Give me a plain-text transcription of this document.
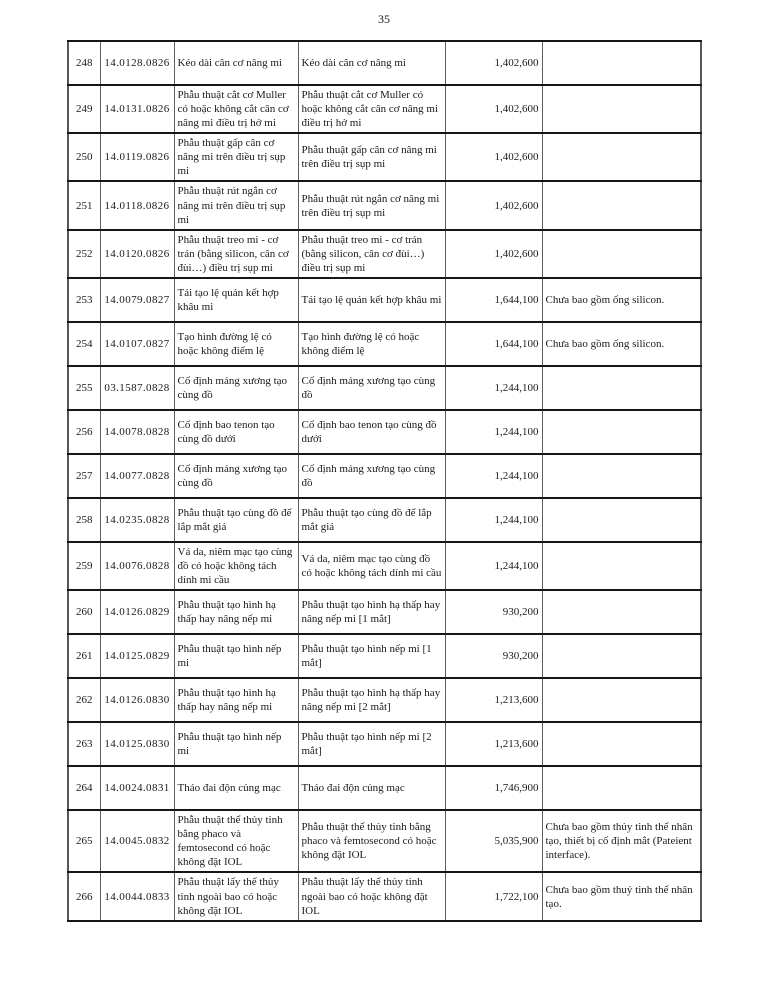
35
248	14.0128.0826	Kéo dài cân cơ nâng mi	Kéo dài cân cơ nâng mi	1,402,600	
249	14.0131.0826	Phẫu thuật cắt cơ Muller có hoặc không cắt cân cơ nâng mi điều trị hở mi	Phẫu thuật cắt cơ Muller có hoặc không cắt cân cơ nâng mi điều trị hở mi	1,402,600	
250	14.0119.0826	Phẫu thuật gấp cân cơ nâng mi trên điều trị sụp mi	Phẫu thuật gấp cân cơ nâng mi trên điều trị sụp mi	1,402,600	
251	14.0118.0826	Phẫu thuật rút ngắn cơ nâng mi trên điều trị sụp mi	Phẫu thuật rút ngắn cơ nâng mi trên điều trị sụp mi	1,402,600	
252	14.0120.0826	Phẫu thuật treo mi - cơ trán (bằng silicon, cân cơ đùi…) điều trị sụp mi	Phẫu thuật treo mi - cơ trán (bằng silicon, cân cơ đùi…) điều trị sụp mi	1,402,600	
253	14.0079.0827	Tái tạo lệ quản kết hợp khâu mi	Tái tạo lệ quản kết hợp khâu mi	1,644,100	Chưa bao gồm ống silicon.
254	14.0107.0827	Tạo hình đường lệ có hoặc không điểm lệ	Tạo hình đường lệ có hoặc không điểm lệ	1,644,100	Chưa bao gồm ống silicon.
255	03.1587.0828	Cố định mảng xương tạo cùng đồ	Cố định mảng xương tạo cùng đồ	1,244,100	
256	14.0078.0828	Cố định bao tenon tạo cùng đồ dưới	Cố định bao tenon tạo cùng đồ dưới	1,244,100	
257	14.0077.0828	Cố định mảng xương tạo cùng đồ	Cố định mảng xương tạo cùng đồ	1,244,100	
258	14.0235.0828	Phẫu thuật tạo cùng đồ để lắp mắt giả	Phẫu thuật tạo cùng đồ để lắp mắt giả	1,244,100	
259	14.0076.0828	Vá da, niêm mạc tạo cùng đồ có hoặc không tách dính mi cầu	Vá da, niêm mạc tạo cùng đồ có hoặc không tách dính mi cầu	1,244,100	
260	14.0126.0829	Phẫu thuật tạo hình hạ thấp hay nâng nếp mi	Phẫu thuật tạo hình hạ thấp hay nâng nếp mi [1 mắt]	930,200	
261	14.0125.0829	Phẫu thuật tạo hình nếp mi	Phẫu thuật tạo hình nếp mi [1 mắt]	930,200	
262	14.0126.0830	Phẫu thuật tạo hình hạ thấp hay nâng nếp mi	Phẫu thuật tạo hình hạ thấp hay nâng nếp mi [2 mắt]	1,213,600	
263	14.0125.0830	Phẫu thuật tạo hình nếp mi	Phẫu thuật tạo hình nếp mi [2 mắt]	1,213,600	
264	14.0024.0831	Tháo đai độn củng mạc	Tháo đai độn củng mạc	1,746,900	
265	14.0045.0832	Phẫu thuật thể thủy tinh bằng phaco và femtosecond có hoặc không đặt IOL	Phẫu thuật thể thủy tinh bằng phaco và femtosecond có hoặc không đặt IOL	5,035,900	Chưa bao gồm thủy tinh thể nhân tạo, thiết bị cố định mắt (Pateient interface).
266	14.0044.0833	Phẫu thuật lấy thể thủy tinh ngoài bao có hoặc không đặt IOL	Phẫu thuật lấy thể thủy tinh ngoài bao có hoặc không đặt IOL	1,722,100	Chưa bao gồm thuỷ tinh thể nhân tạo.
